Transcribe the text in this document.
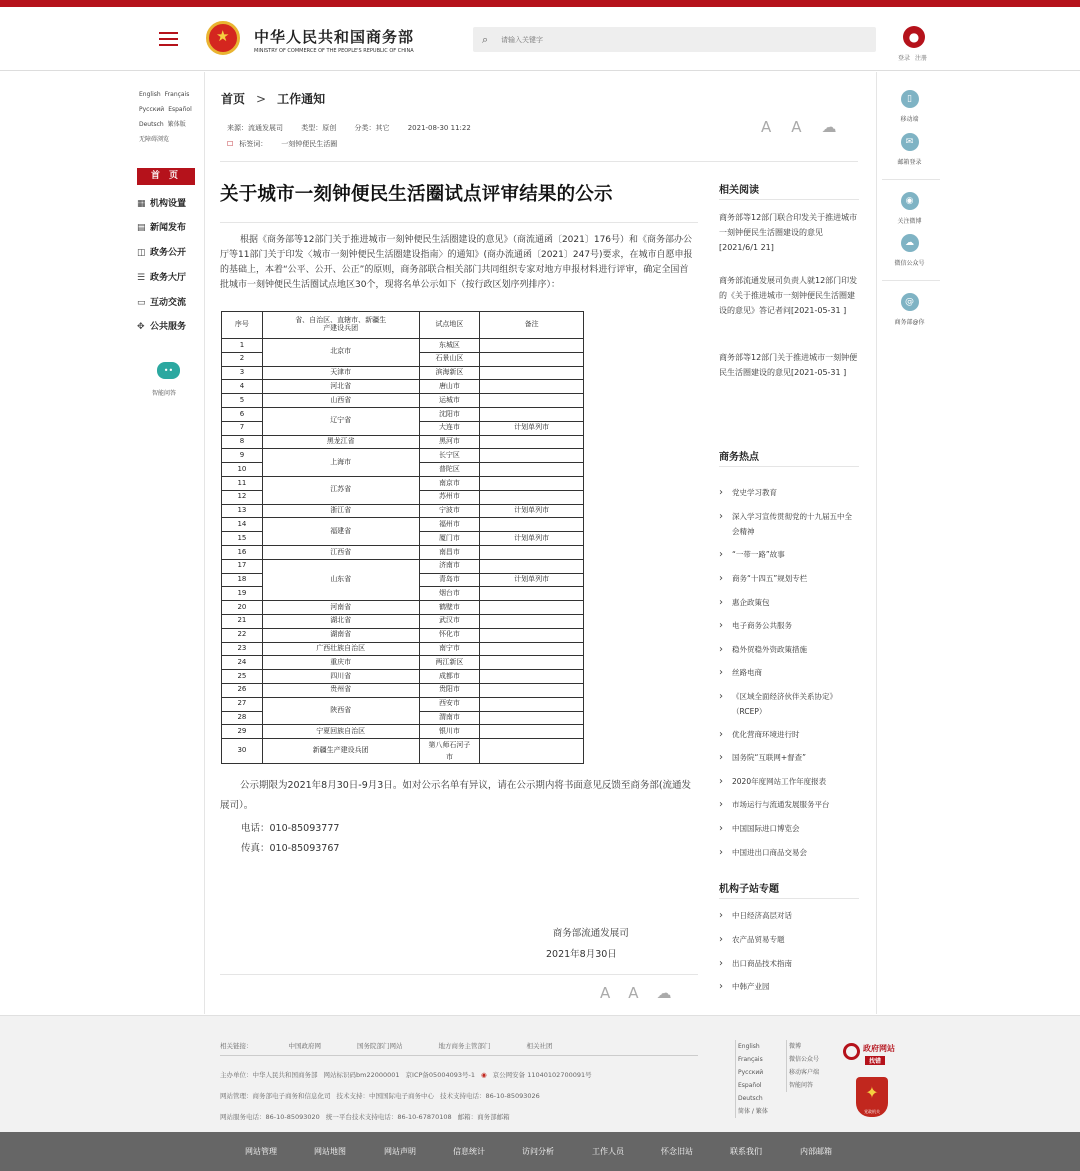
★
中华人民共和国商务部
MINISTRY OF COMMERCE OF THE PEOPLE'S REPUBLIC OF CHINA
⌕
请输入关键字	●
登录 注册
English Français
Русский Español
Deutsch 繁体版
无障碍浏览
首 页
▦ 机构设置
▤ 新闻发布
◫ 政务公开
☰ 政务大厅
▭ 互动交流
✥ 公共服务
••
智能问答
首页 > 工作通知
来源：流通发展司	类型：原创	分类：其它	2021-08-30 11:22
☐ 标签词： 一刻钟便民生活圈
A A ☁
关于城市一刻钟便民生活圈试点评审结果的公示
根据《商务部等12部门关于推进城市一刻钟便民生活圈建设的意见》（商流通函〔2021〕176号）和《商务部办公厅等11部门关于印发〈城市一刻钟便民生活圈建设指南〉的通知》(商办流通函〔2021〕247号)要求，在城市自愿申报的基础上，本着“公平、公开、公正”的原则，商务部联合相关部门共同组织专家对地方申报材料进行评审，确定全国首批城市一刻钟便民生活圈试点地区30个，现将名单公示如下（按行政区划序列排序）：
序号	省、自治区、直辖市、新疆生产建设兵团	试点地区	备注
1	北京市	东城区	
2		石景山区	
3	天津市	滨海新区	
4	河北省	唐山市	
5	山西省	运城市	
6	辽宁省	沈阳市	
7		大连市	计划单列市
8	黑龙江省	黑河市	
9	上海市	长宁区	
10		普陀区	
11	江苏省	南京市	
12		苏州市	
13	浙江省	宁波市	计划单列市
14	福建省	福州市	
15		厦门市	计划单列市
16	江西省	南昌市	
17	山东省	济南市	
18		青岛市	计划单列市
19		烟台市	
20	河南省	鹤壁市	
21	湖北省	武汉市	
22	湖南省	怀化市	
23	广西壮族自治区	南宁市	
24	重庆市	两江新区	
25	四川省	成都市	
26	贵州省	贵阳市	
27	陕西省	西安市	
28		渭南市	
29	宁夏回族自治区	银川市	
30	新疆生产建设兵团	第八师石河子市	

公示期限为2021年8月30日-9月3日。如对公示名单有异议，请在公示期内将书面意见反馈至商务部(流通发展司）。

电话：010-85093777
传真：010-85093767
商务部流通发展司
2021年8月30日
A A ☁
相关阅读
商务部等12部门联合印发关于推进城市一刻钟便民生活圈建设的意见[2021/6/1 21]
商务部流通发展司负责人就12部门印发的《关于推进城市一刻钟便民生活圈建设的意见》答记者问[2021-05-31 ]
商务部等12部门关于推进城市一刻钟便民生活圈建设的意见[2021-05-31 ]
商务热点
› 党史学习教育
› 深入学习宣传贯彻党的十九届五中全会精神
› “一带一路”故事
› 商务“十四五”规划专栏
› 惠企政策包
› 电子商务公共服务
› 稳外贸稳外资政策措施
› 丝路电商
› 《区域全面经济伙伴关系协定》（RCEP）
› 优化营商环境进行时
› 国务院“互联网+督查”
› 2020年度网站工作年度报表
› 市场运行与流通发展服务平台
› 中国国际进口博览会
› 中国进出口商品交易会
机构子站专题
› 中日经济高层对话
› 农产品贸易专题
› 出口商品技术指南
› 中韩产业园
▯
移动端
✉
邮箱登录
◉
关注微博
☁
微信公众号
@
商务部@你
相关链接：	中国政府网	国务院部门网站	地方商务主管部门	相关社团
主办单位：中华人民共和国商务部 网站标识码bm22000001 京ICP备05004093号-1 ◉ 京公网安备 11040102700091号
网站管理：商务部电子商务和信息化司 技术支持：中国国际电子商务中心 技术支持电话：86-10-85093026
网站服务电话：86-10-85093020 统一平台技术支持电话：86-10-67870108 邮箱：商务部邮箱
English
Français
Русский
Español
Deutsch
简体 / 繁体
微博
微信公众号
移动客户端
智能问答
政府网站
找错
✦
党政机关
网站管理	网站地图	网站声明	信息统计	访问分析	工作人员	怀念旧站	联系我们	内部邮箱
